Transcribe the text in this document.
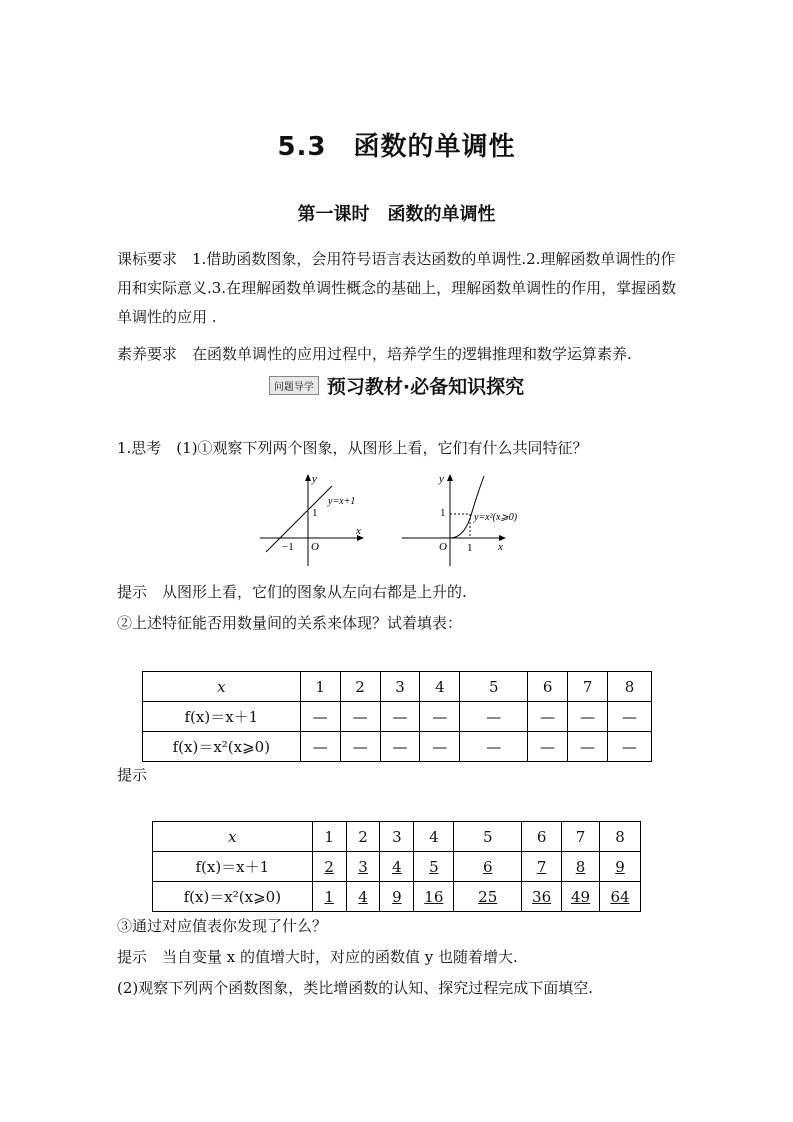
5.3　函数的单调性
第一课时　函数的单调性
课标要求　1.借助函数图象，会用符号语言表达函数的单调性.2.理解函数单调性的作用和实际意义.3.在理解函数单调性概念的基础上，理解函数单调性的作用，掌握函数单调性的应用 .
素养要求　在函数单调性的应用过程中，培养学生的逻辑推理和数学运算素养.
问题导学 预习教材·必备知识探究
1.思考　(1)①观察下列两个图象，从图形上看，它们有什么共同特征？
y
x
O
−1
1
y=x+1
y
x
O 1
1	y=x²(x⩾0)
提示　从图形上看，它们的图象从左向右都是上升的.
②上述特征能否用数量间的关系来体现？试着填表：
x	1	2	3	4	5	6	7	8
f(x)＝x＋1	—	—	—	—	—	—	—	—
f(x)＝x²(x⩾0)	—	—	—	—	—	—	—	—
提示
x	1	2	3	4	5	6	7	8
f(x)＝x＋1	2	3	4	5	6	7	8	9
f(x)＝x²(x⩾0)	1	4	9	16	25	36	49	64
③通过对应值表你发现了什么？
提示　当自变量 x 的值增大时，对应的函数值 y 也随着增大.
(2)观察下列两个函数图象，类比增函数的认知、探究过程完成下面填空.
